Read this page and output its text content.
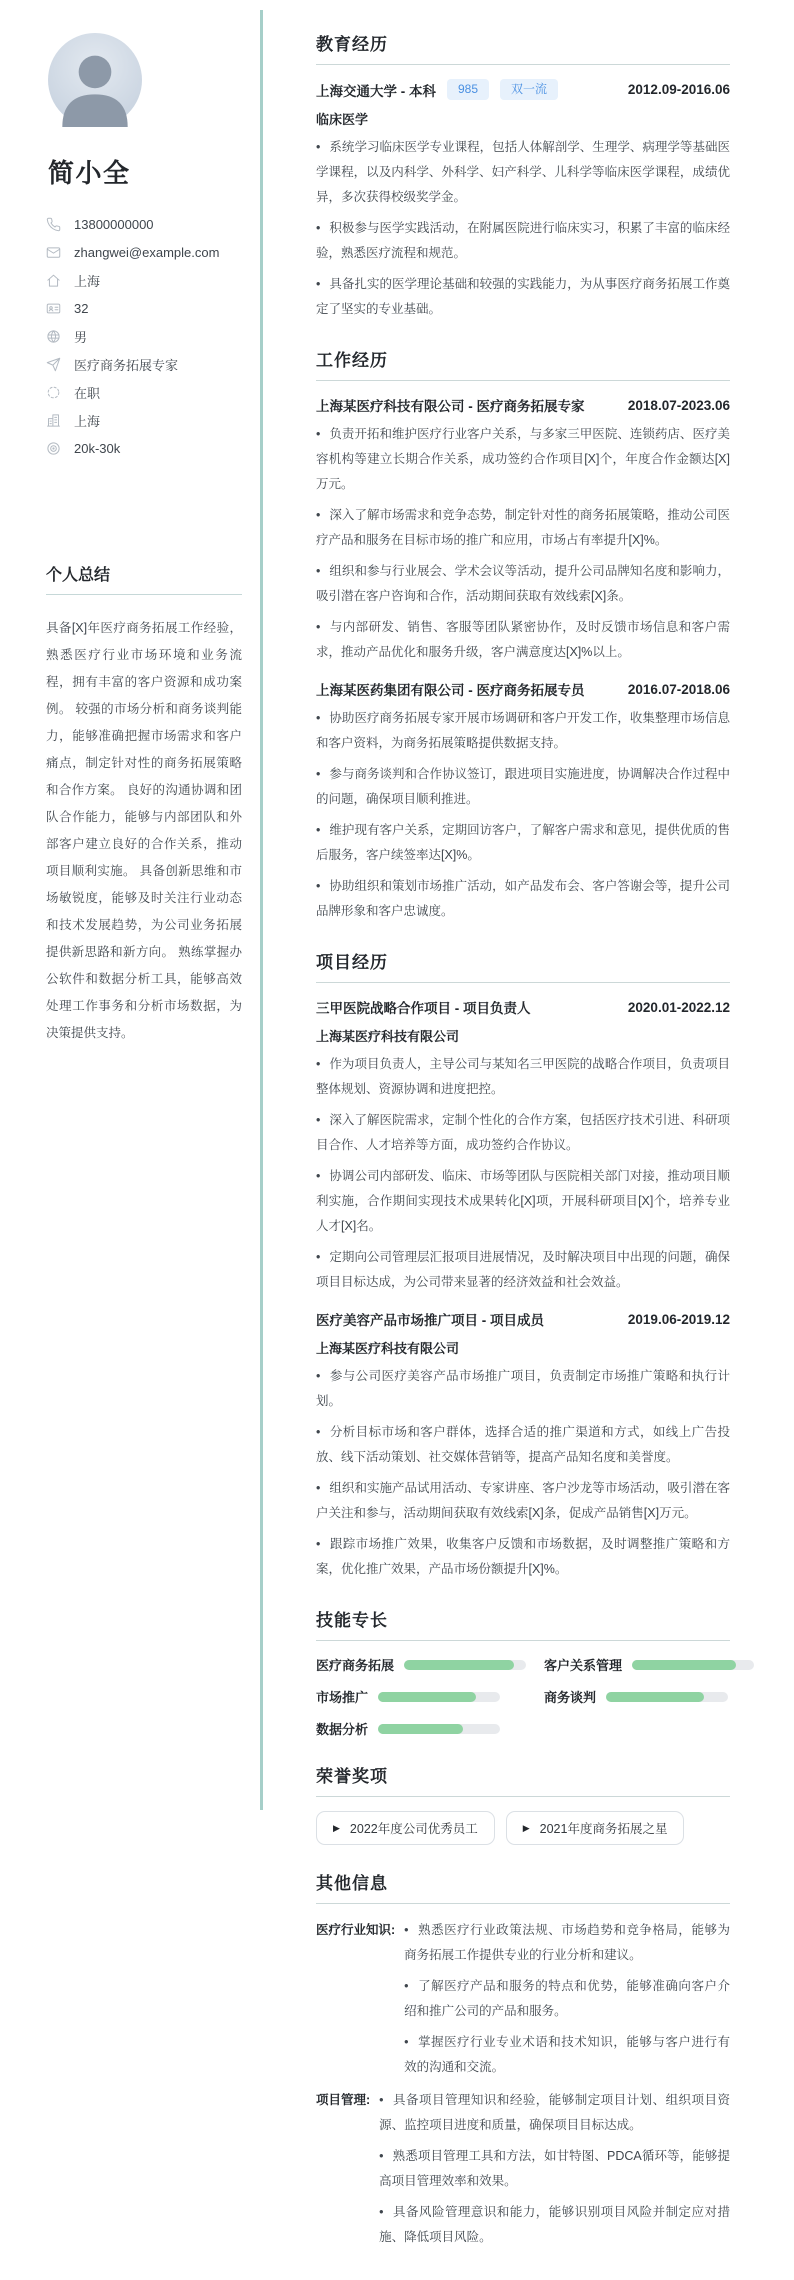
简小全
13800000000
zhangwei@example.com
上海
32
男
医疗商务拓展专家
在职
上海
20k-30k
个人总结
具备[X]年医疗商务拓展工作经验，熟悉医疗行业市场环境和业务流程，拥有丰富的客户资源和成功案例。 较强的市场分析和商务谈判能力，能够准确把握市场需求和客户痛点，制定针对性的商务拓展策略和合作方案。 良好的沟通协调和团队合作能力，能够与内部团队和外部客户建立良好的合作关系，推动项目顺利实施。 具备创新思维和市场敏锐度，能够及时关注行业动态和技术发展趋势，为公司业务拓展提供新思路和新方向。 熟练掌握办公软件和数据分析工具，能够高效处理工作事务和分析市场数据，为决策提供支持。
教育经历
上海交通大学 - 本科	985	双一流	2012.09-2016.06
临床医学
• 系统学习临床医学专业课程，包括人体解剖学、生理学、病理学等基础医学课程，以及内科学、外科学、妇产科学、儿科学等临床医学课程，成绩优异，多次获得校级奖学金。
• 积极参与医学实践活动，在附属医院进行临床实习，积累了丰富的临床经验，熟悉医疗流程和规范。
• 具备扎实的医学理论基础和较强的实践能力，为从事医疗商务拓展工作奠定了坚实的专业基础。
工作经历
上海某医疗科技有限公司 - 医疗商务拓展专家	2018.07-2023.06
• 负责开拓和维护医疗行业客户关系，与多家三甲医院、连锁药店、医疗美容机构等建立长期合作关系，成功签约合作项目[X]个，年度合作金额达[X]万元。
• 深入了解市场需求和竞争态势，制定针对性的商务拓展策略，推动公司医疗产品和服务在目标市场的推广和应用，市场占有率提升[X]%。
• 组织和参与行业展会、学术会议等活动，提升公司品牌知名度和影响力，吸引潜在客户咨询和合作，活动期间获取有效线索[X]条。
• 与内部研发、销售、客服等团队紧密协作，及时反馈市场信息和客户需求，推动产品优化和服务升级，客户满意度达[X]%以上。
上海某医药集团有限公司 - 医疗商务拓展专员	2016.07-2018.06
• 协助医疗商务拓展专家开展市场调研和客户开发工作，收集整理市场信息和客户资料，为商务拓展策略提供数据支持。
• 参与商务谈判和合作协议签订，跟进项目实施进度，协调解决合作过程中的问题，确保项目顺利推进。
• 维护现有客户关系，定期回访客户，了解客户需求和意见，提供优质的售后服务，客户续签率达[X]%。
• 协助组织和策划市场推广活动，如产品发布会、客户答谢会等，提升公司品牌形象和客户忠诚度。
项目经历
三甲医院战略合作项目 - 项目负责人	2020.01-2022.12
上海某医疗科技有限公司
• 作为项目负责人，主导公司与某知名三甲医院的战略合作项目，负责项目整体规划、资源协调和进度把控。
• 深入了解医院需求，定制个性化的合作方案，包括医疗技术引进、科研项目合作、人才培养等方面，成功签约合作协议。
• 协调公司内部研发、临床、市场等团队与医院相关部门对接，推动项目顺利实施，合作期间实现技术成果转化[X]项，开展科研项目[X]个，培养专业人才[X]名。
• 定期向公司管理层汇报项目进展情况，及时解决项目中出现的问题，确保项目目标达成，为公司带来显著的经济效益和社会效益。
医疗美容产品市场推广项目 - 项目成员	2019.06-2019.12
上海某医疗科技有限公司
• 参与公司医疗美容产品市场推广项目，负责制定市场推广策略和执行计划。
• 分析目标市场和客户群体，选择合适的推广渠道和方式，如线上广告投放、线下活动策划、社交媒体营销等，提高产品知名度和美誉度。
• 组织和实施产品试用活动、专家讲座、客户沙龙等市场活动，吸引潜在客户关注和参与，活动期间获取有效线索[X]条，促成产品销售[X]万元。
• 跟踪市场推广效果，收集客户反馈和市场数据，及时调整推广策略和方案，优化推广效果，产品市场份额提升[X]%。
技能专长
医疗商务拓展	客户关系管理
市场推广	商务谈判
数据分析
荣誉奖项
▶ 2022年度公司优秀员工	▶ 2021年度商务拓展之星
其他信息
医疗行业知识:	• 熟悉医疗行业政策法规、市场趋势和竞争格局，能够为商务拓展工作提供专业的行业分析和建议。
• 了解医疗产品和服务的特点和优势，能够准确向客户介绍和推广公司的产品和服务。
• 掌握医疗行业专业术语和技术知识，能够与客户进行有效的沟通和交流。
项目管理:	• 具备项目管理知识和经验，能够制定项目计划、组织项目资源、监控项目进度和质量，确保项目目标达成。
• 熟悉项目管理工具和方法，如甘特图、PDCA循环等，能够提高项目管理效率和效果。
• 具备风险管理意识和能力，能够识别项目风险并制定应对措施、降低项目风险。
